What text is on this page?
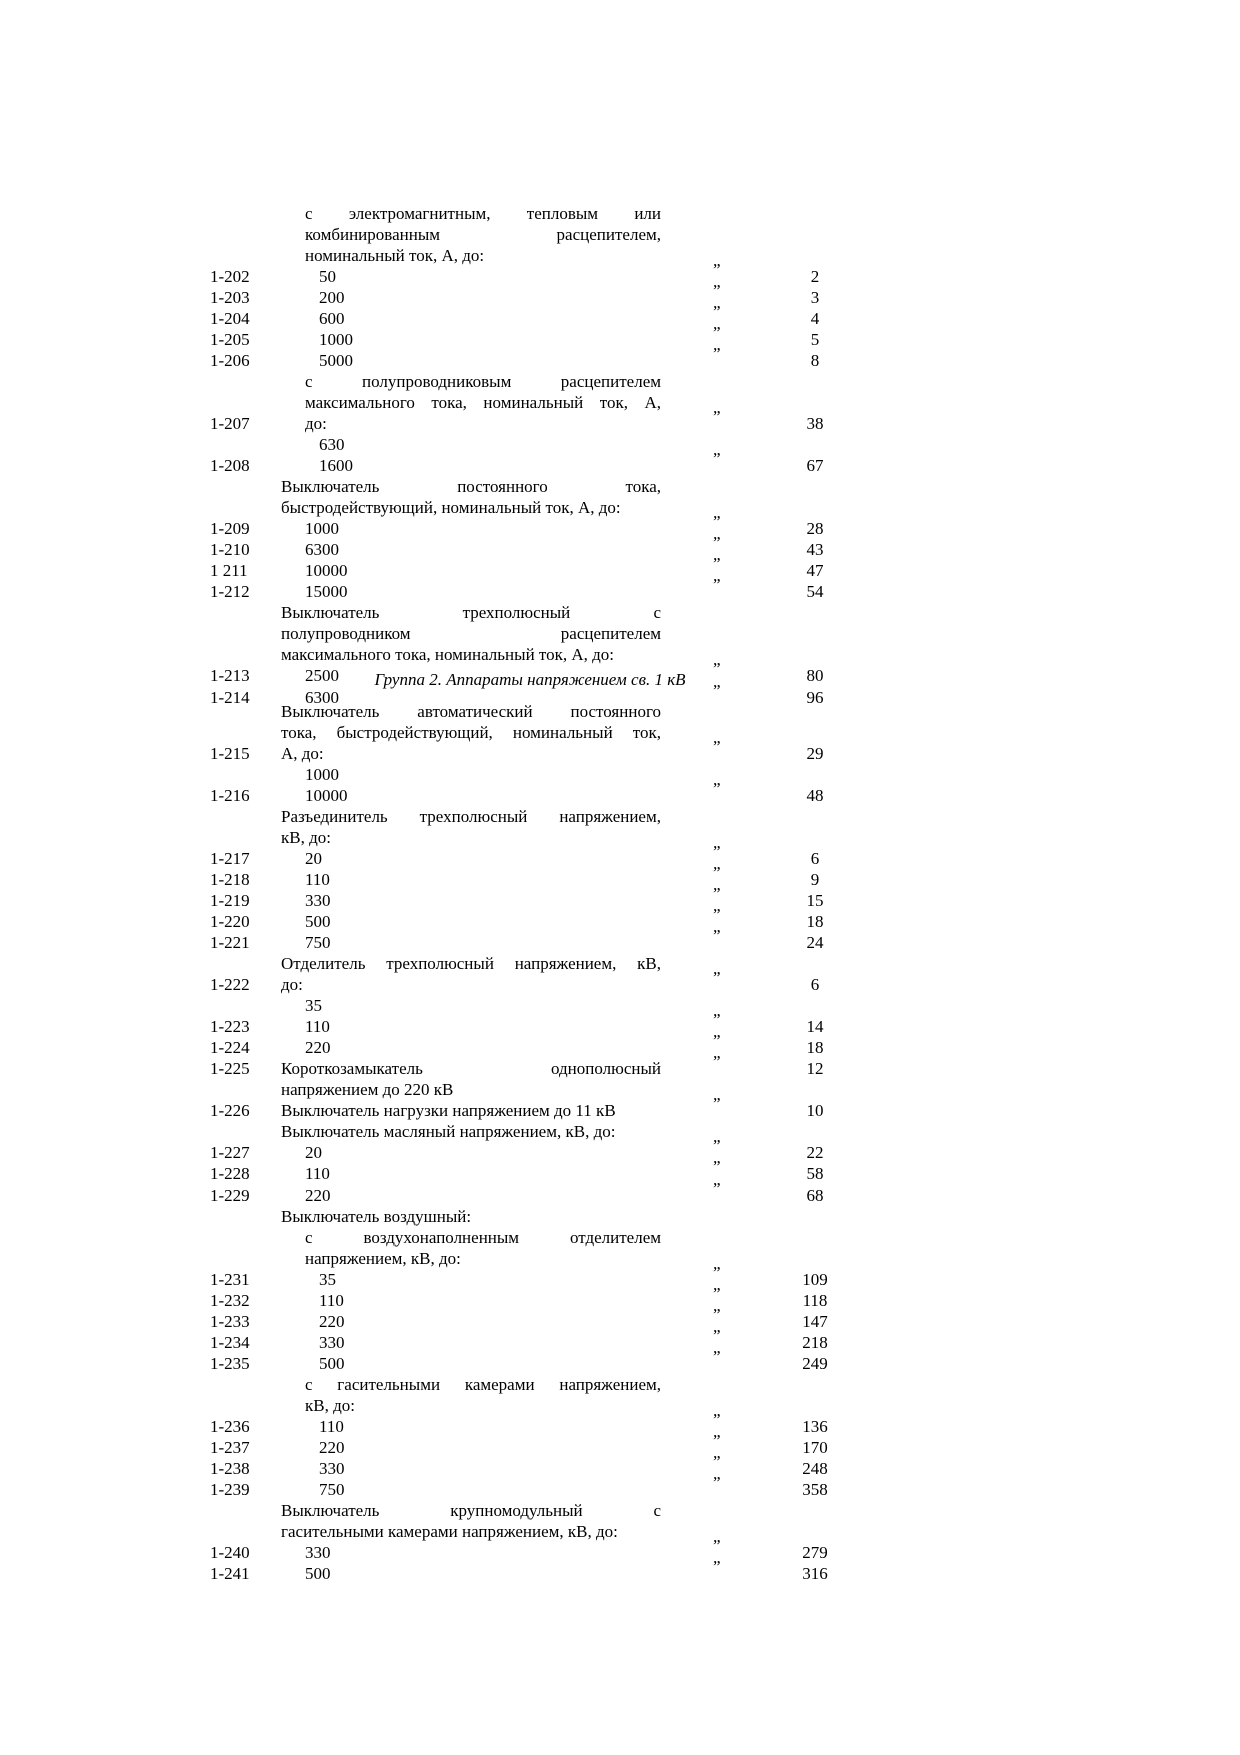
Группа 2. Аппараты напряжением св. 1 кВ
с электромагнитным, тепловым или
комбинированным расцепителем,
номинальный ток, А, до:
1-202	50	”	2
1-203	200	”	3
1-204	600	”	4
1-205	1000	”	5
1-206	5000	”	8
с полупроводниковым расцепителем
максимального тока, номинальный ток, А,
1-207	до:	”	38
630
1-208	1600	”	67
Выключатель постоянного тока,
быстродействующий, номинальный ток, А, до:
1-209	1000	”	28
1-210	6300	”	43
1 211	10000	”	47
1-212	15000	”	54
Выключатель трехполюсный с
полупроводником расцепителем
максимального тока, номинальный ток, А, до:
1-213	2500	”	80
1-214	6300	”	96
Выключатель автоматический постоянного
тока, быстродействующий, номинальный ток,
1-215 А, до:	”	29
1000
1-216	10000	”	48
Разъединитель трехполюсный напряжением,
кВ, до:
1-217	20	”	6
1-218	110	”	9
1-219	330	”	15
1-220	500	”	18
1-221	750	”	24
Отделитель трехполюсный напряжением, кВ,
1-222 до:	”	6
35
1-223	110	”	14
1-224	220	”	18
1-225 Короткозамыкатель однополюсный	”	12
напряжением до 220 кВ
1-226 Выключатель нагрузки напряжением до 11 кВ	”	10
Выключатель масляный напряжением, кВ, до:
1-227	20	”	22
1-228	110	”	58
1-229	220	”	68
Выключатель воздушный:
с воздухонаполненным отделителем
напряжением, кВ, до:
1-231	35	”	109
1-232	110	”	118
1-233	220	”	147
1-234	330	”	218
1-235	500	”	249
с гасительными камерами напряжением,
кВ, до:
1-236	110	”	136
1-237	220	”	170
1-238	330	”	248
1-239	750	”	358
Выключатель крупномодульный с
гасительными камерами напряжением, кВ, до:
1-240	330	”	279
1-241	500	”	316
